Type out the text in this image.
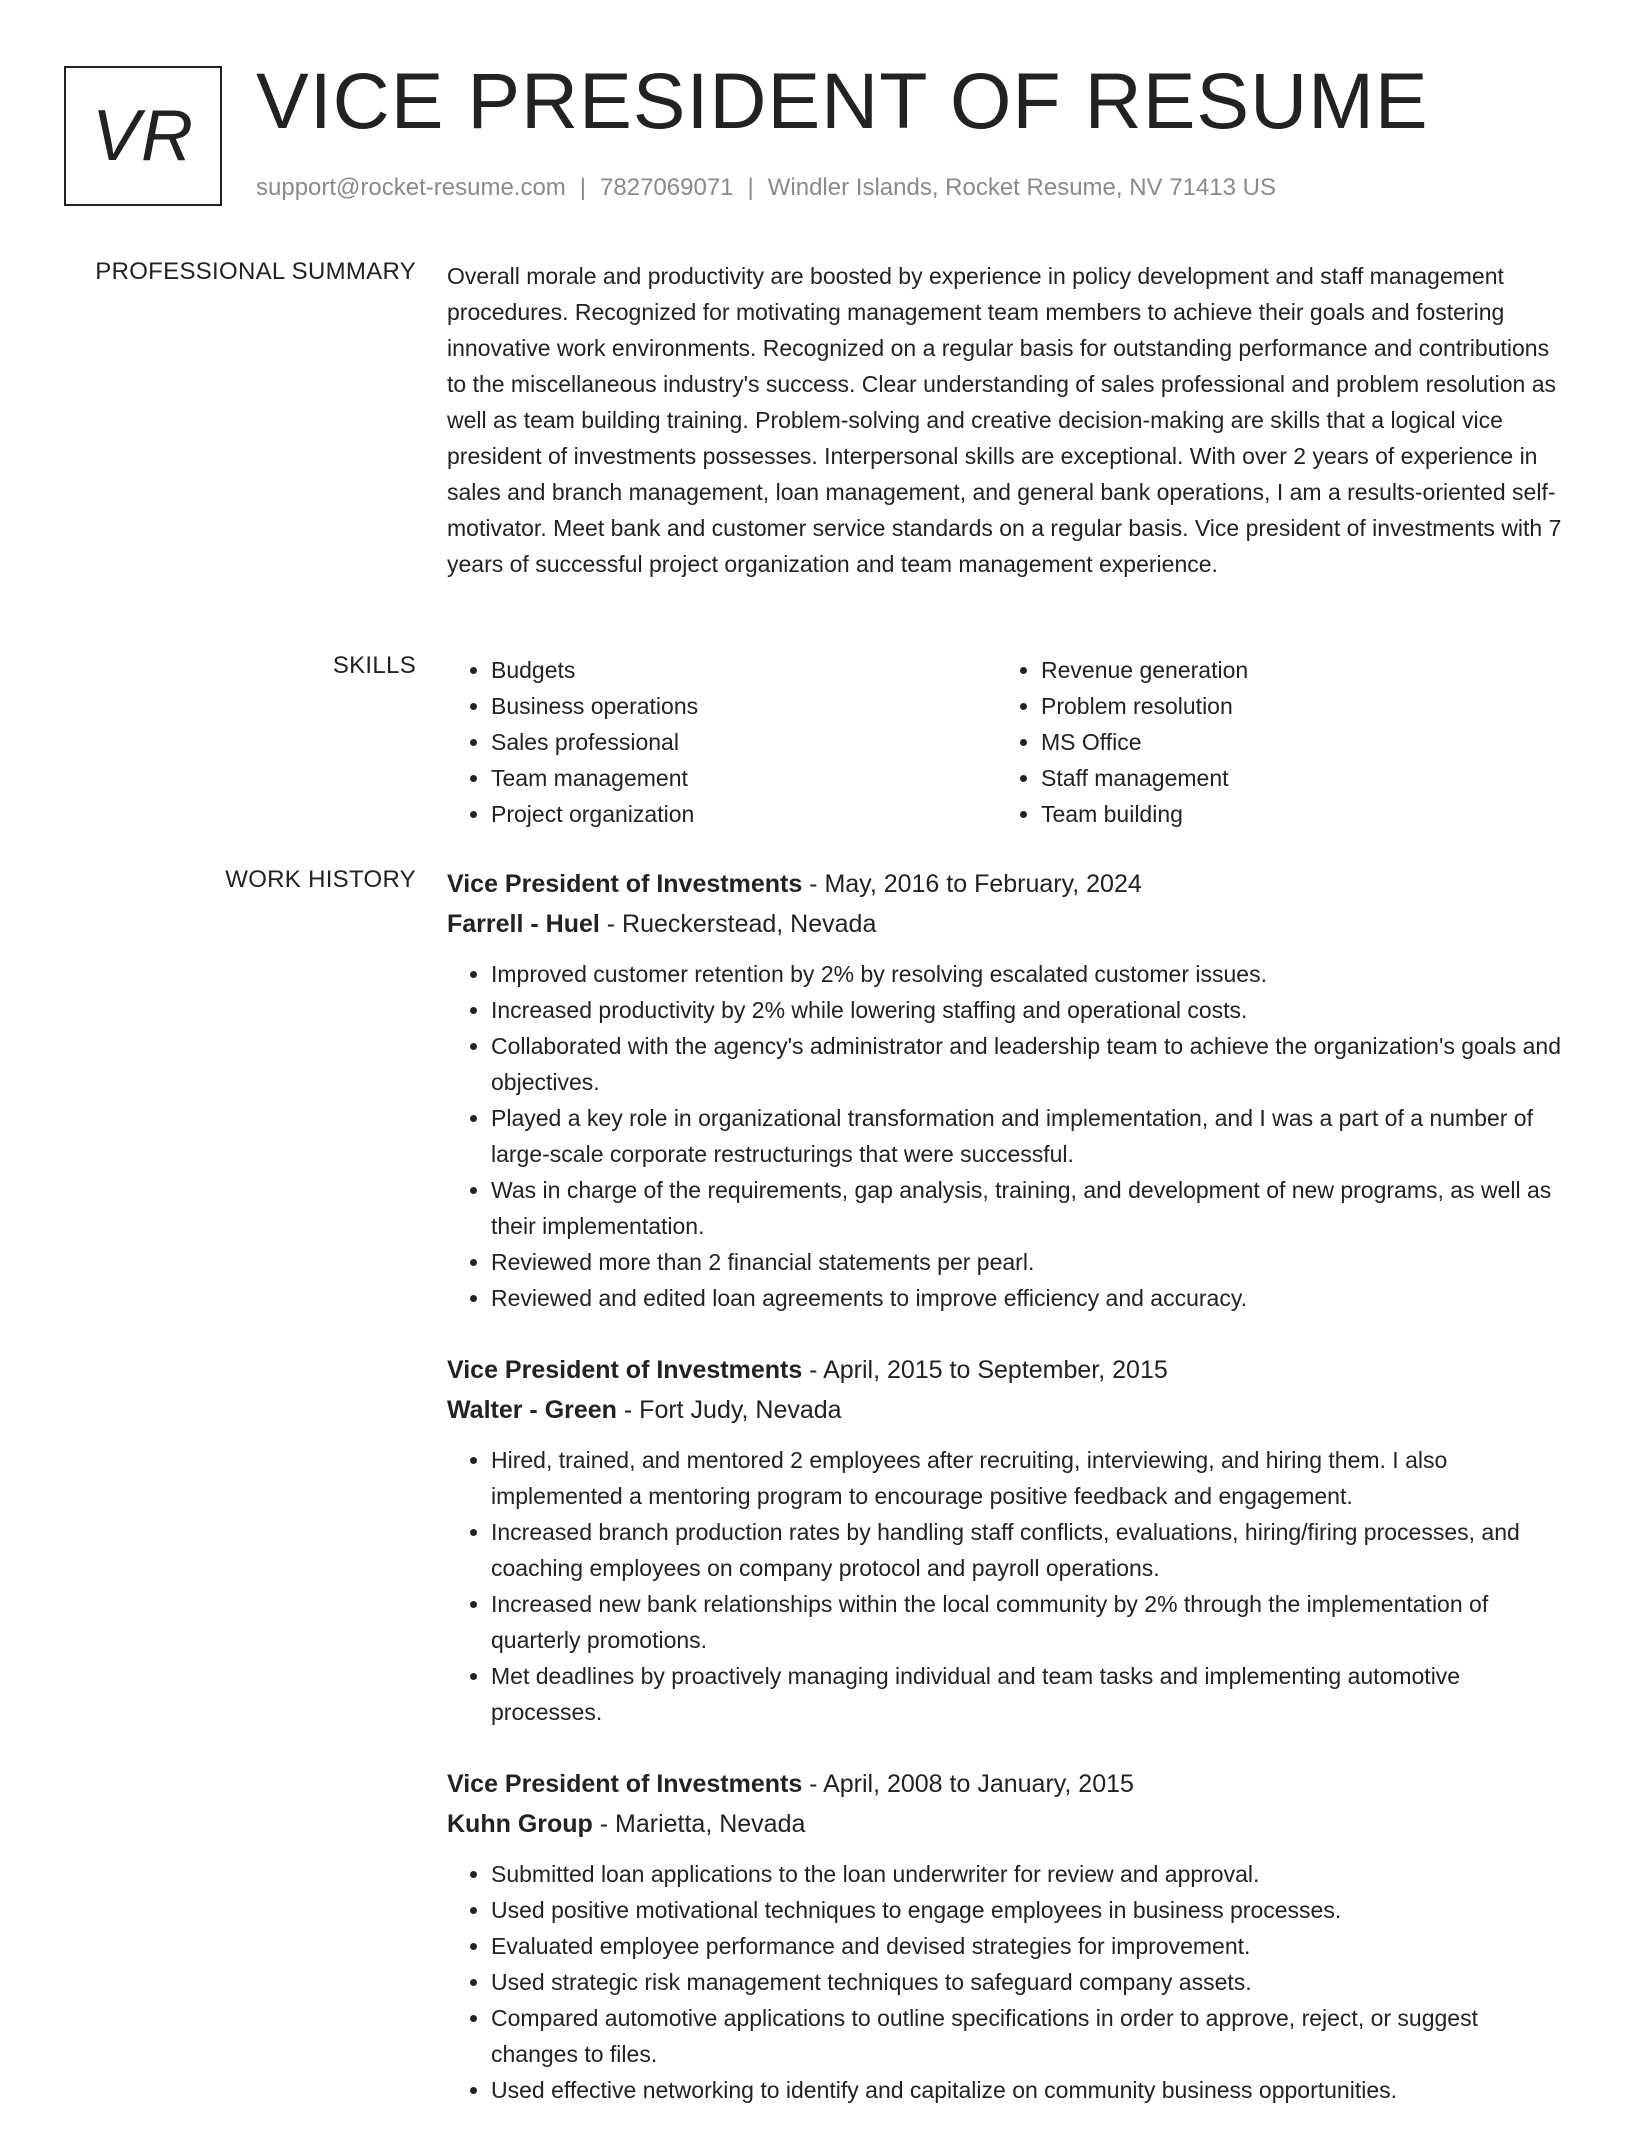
VR VICE PRESIDENT OF RESUME
support@rocket-resume.com | 7827069071 | Windler Islands, Rocket Resume, NV 71413 US
PROFESSIONAL SUMMARY Overall morale and productivity are boosted by experience in policy development and staff management procedures. Recognized for motivating management team members to achieve their goals and fostering innovative work environments. Recognized on a regular basis for outstanding performance and contributions to the miscellaneous industry's success. Clear understanding of sales professional and problem resolution as well as team building training. Problem-solving and creative decision-making are skills that a logical vice president of investments possesses. Interpersonal skills are exceptional. With over 2 years of experience in sales and branch management, loan management, and general bank operations, I am a results-oriented self-motivator. Meet bank and customer service standards on a regular basis. Vice president of investments with 7 years of successful project organization and team management experience.

SKILLS
•	Budgets
• Business operations
• Sales professional
• Team management
• Project organization
• Revenue generation
• Problem resolution
• MS Office
• Staff management
• Team building
WORK HISTORY Vice President of Investments - May, 2016 to February, 2024
Farrell - Huel - Rueckerstead, Nevada
• Improved customer retention by 2% by resolving escalated customer issues.
• Increased productivity by 2% while lowering staffing and operational costs.
• Collaborated with the agency's administrator and leadership team to achieve the organization's goals and objectives.
• Played a key role in organizational transformation and implementation, and I was a part of a number of large-scale corporate restructurings that were successful.
• Was in charge of the requirements, gap analysis, training, and development of new programs, as well as their implementation.
• Reviewed more than 2 financial statements per pearl.
• Reviewed and edited loan agreements to improve efficiency and accuracy.
Vice President of Investments - April, 2015 to September, 2015
Walter - Green - Fort Judy, Nevada
• Hired, trained, and mentored 2 employees after recruiting, interviewing, and hiring them. I also implemented a mentoring program to encourage positive feedback and engagement.
• Increased branch production rates by handling staff conflicts, evaluations, hiring/firing processes, and coaching employees on company protocol and payroll operations.
• Increased new bank relationships within the local community by 2% through the implementation of quarterly promotions.
• Met deadlines by proactively managing individual and team tasks and implementing automotive processes.
Vice President of Investments - April, 2008 to January, 2015
Kuhn Group - Marietta, Nevada
• Submitted loan applications to the loan underwriter for review and approval.
• Used positive motivational techniques to engage employees in business processes.
• Evaluated employee performance and devised strategies for improvement.
• Used strategic risk management techniques to safeguard company assets.
• Compared automotive applications to outline specifications in order to approve, reject, or suggest changes to files.
• Used effective networking to identify and capitalize on community business opportunities.
